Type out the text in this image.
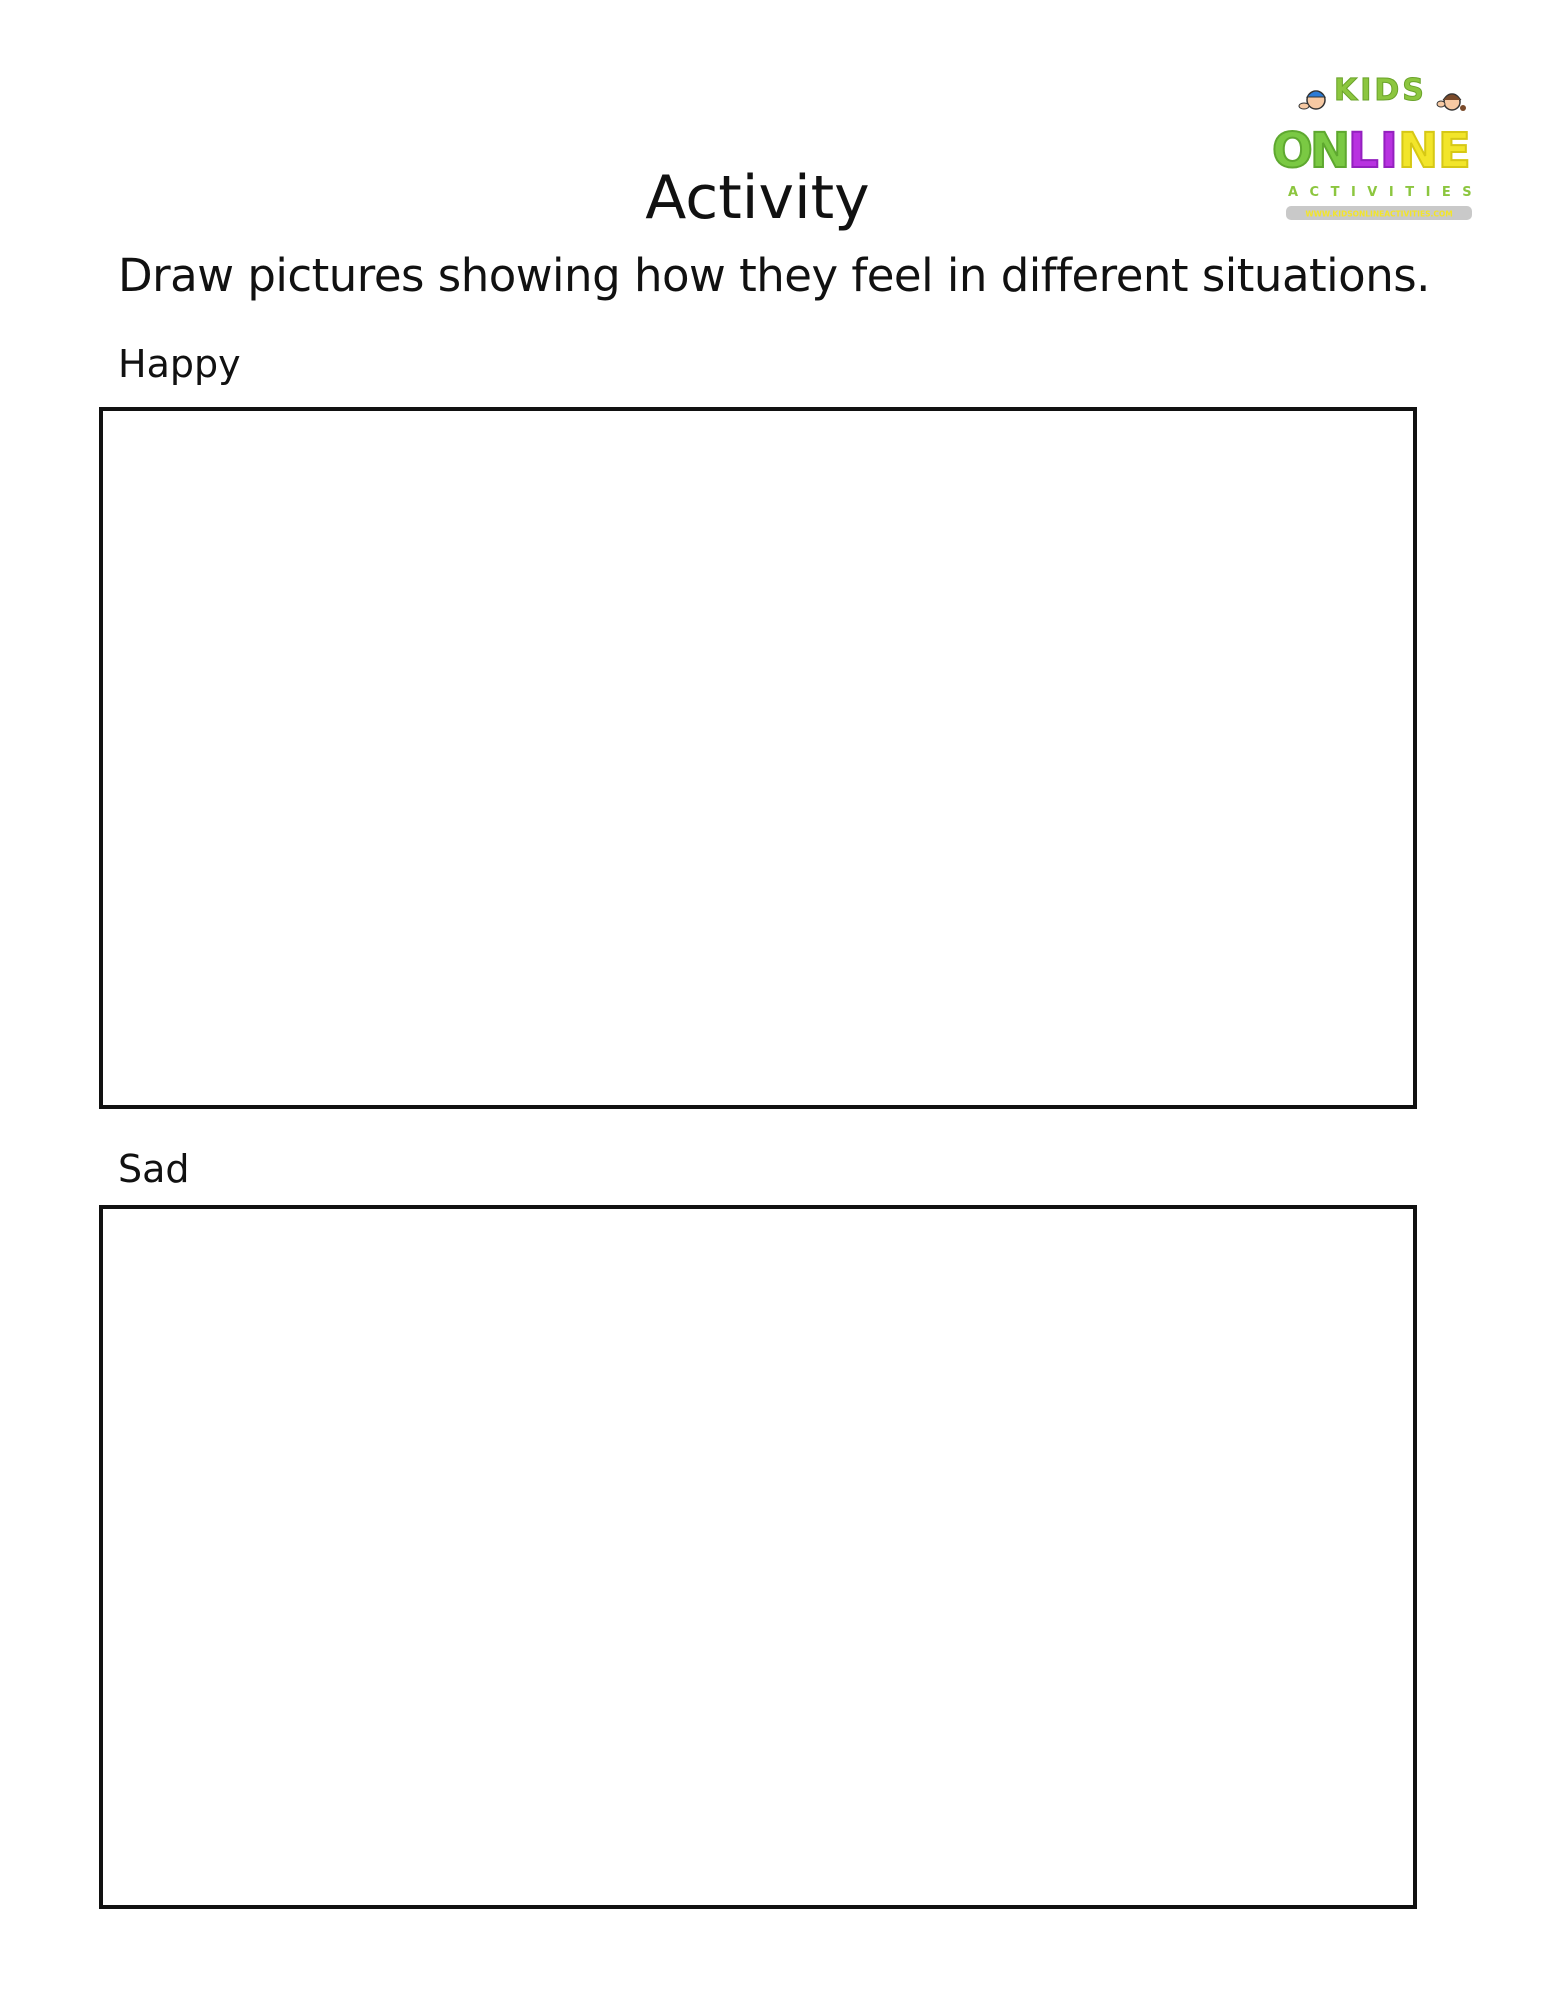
KIDS
O
N
L I N E
ACTIVITIES
WWW.KIDSONLINEACTIVITIES.COM
Activity

Draw pictures showing how they feel in different situations.

Happy

Sad
